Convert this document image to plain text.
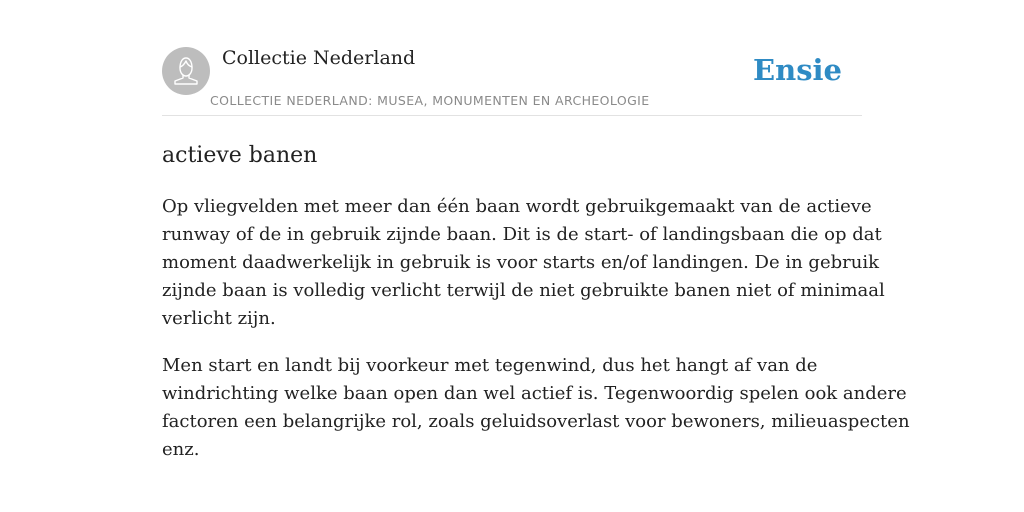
Collectie Nederland
COLLECTIE NEDERLAND: MUSEA, MONUMENTEN EN ARCHEOLOGIE
Ensie
actieve banen

Op vliegvelden met meer dan één baan wordt gebruikgemaakt van de actieve
runway of de in gebruik zijnde baan. Dit is de start- of landingsbaan die op dat
moment daadwerkelijk in gebruik is voor starts en/of landingen. De in gebruik
zijnde baan is volledig verlicht terwijl de niet gebruikte banen niet of minimaal
verlicht zijn.

Men start en landt bij voorkeur met tegenwind, dus het hangt af van de
windrichting welke baan open dan wel actief is. Tegenwoordig spelen ook andere
factoren een belangrijke rol, zoals geluidsoverlast voor bewoners, milieuaspecten
enz.
